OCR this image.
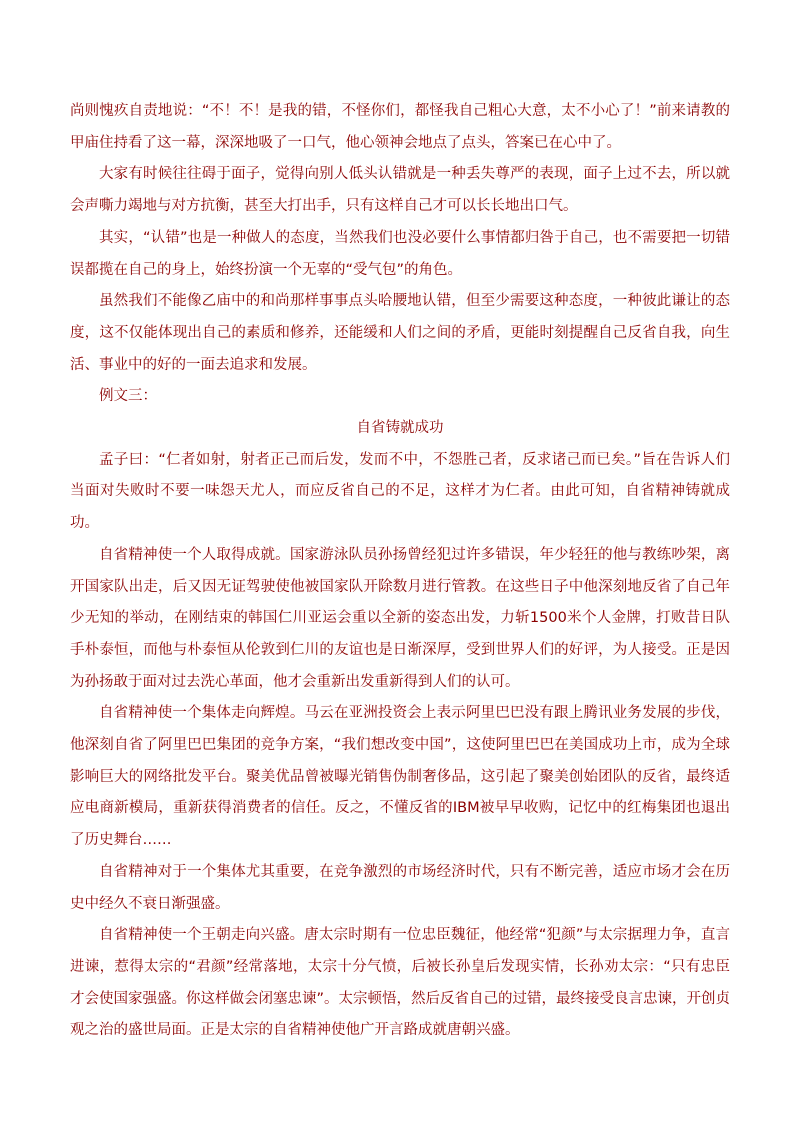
尚则愧疚自责地说：“不！不！是我的错，不怪你们，都怪我自己粗心大意，太不小心了！”前来请教的甲庙住持看了这一幕，深深地吸了一口气，他心领神会地点了点头，答案已在心中了。

大家有时候往往碍于面子，觉得向别人低头认错就是一种丢失尊严的表现，面子上过不去，所以就会声嘶力竭地与对方抗衡，甚至大打出手，只有这样自己才可以长长地出口气。

其实，“认错”也是一种做人的态度，当然我们也没必要什么事情都归咎于自己，也不需要把一切错误都揽在自己的身上，始终扮演一个无辜的“受气包”的角色。

虽然我们不能像乙庙中的和尚那样事事点头哈腰地认错，但至少需要这种态度，一种彼此谦让的态度，这不仅能体现出自己的素质和修养，还能缓和人们之间的矛盾，更能时刻提醒自己反省自我，向生活、事业中的好的一面去追求和发展。

例文三：

自省铸就成功

孟子曰：“仁者如射，射者正己而后发，发而不中，不怨胜己者，反求诸己而已矣。”旨在告诉人们当面对失败时不要一味怨天尤人，而应反省自己的不足，这样才为仁者。由此可知，自省精神铸就成功。

自省精神使一个人取得成就。国家游泳队员孙扬曾经犯过许多错误，年少轻狂的他与教练吵架，离开国家队出走，后又因无证驾驶使他被国家队开除数月进行管教。在这些日子中他深刻地反省了自己年少无知的举动，在刚结束的韩国仁川亚运会重以全新的姿态出发，力斩1500米个人金牌，打败昔日队手朴泰恒，而他与朴泰恒从伦敦到仁川的友谊也是日渐深厚，受到世界人们的好评，为人接受。正是因为孙扬敢于面对过去洗心革面，他才会重新出发重新得到人们的认可。

自省精神使一个集体走向辉煌。马云在亚洲投资会上表示阿里巴巴没有跟上腾讯业务发展的步伐，他深刻自省了阿里巴巴集团的竞争方案，“我们想改变中国”，这使阿里巴巴在美国成功上市，成为全球影响巨大的网络批发平台。聚美优品曾被曝光销售伪制奢侈品，这引起了聚美创始团队的反省，最终适应电商新模局，重新获得消费者的信任。反之，不懂反省的IBM被早早收购，记忆中的红梅集团也退出了历史舞台……

自省精神对于一个集体尤其重要，在竞争激烈的市场经济时代，只有不断完善，适应市场才会在历史中经久不衰日渐强盛。

自省精神使一个王朝走向兴盛。唐太宗时期有一位忠臣魏征，他经常“犯颜”与太宗据理力争，直言进谏，惹得太宗的“君颜”经常落地，太宗十分气愤，后被长孙皇后发现实情，长孙劝太宗：“只有忠臣才会使国家强盛。你这样做会闭塞忠谏”。太宗顿悟，然后反省自己的过错，最终接受良言忠谏，开创贞观之治的盛世局面。正是太宗的自省精神使他广开言路成就唐朝兴盛。
